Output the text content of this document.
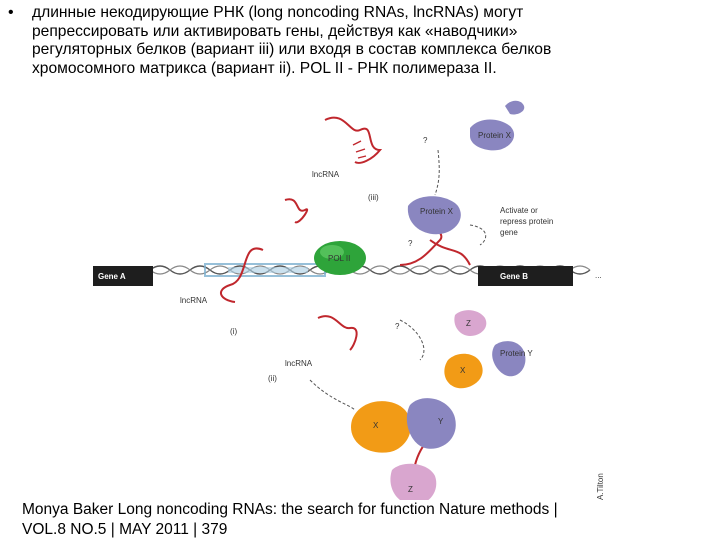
• длинные некодирующие РНК (long noncoding RNAs, lncRNAs) могут
репрессировать или активировать гены, действуя как «наводчики»
регуляторных белков (вариант iii) или входя в состав комплекса белков
хромосомного матрикса (вариант ii). POL II - РНК полимераза II.
Gene A	Gene B	...
POL II
Protein X
Protein X
lncRNA
lncRNA
lncRNA
(iii)
(i)
(ii)
?
?
?
Activate or
repress protein
gene
Z
Protein Y
X
X	Y
Z	A.Tilton
Monya Baker Long noncoding RNAs: the search for function Nature methods |
VOL.8 NO.5 | MAY 2011 | 379
